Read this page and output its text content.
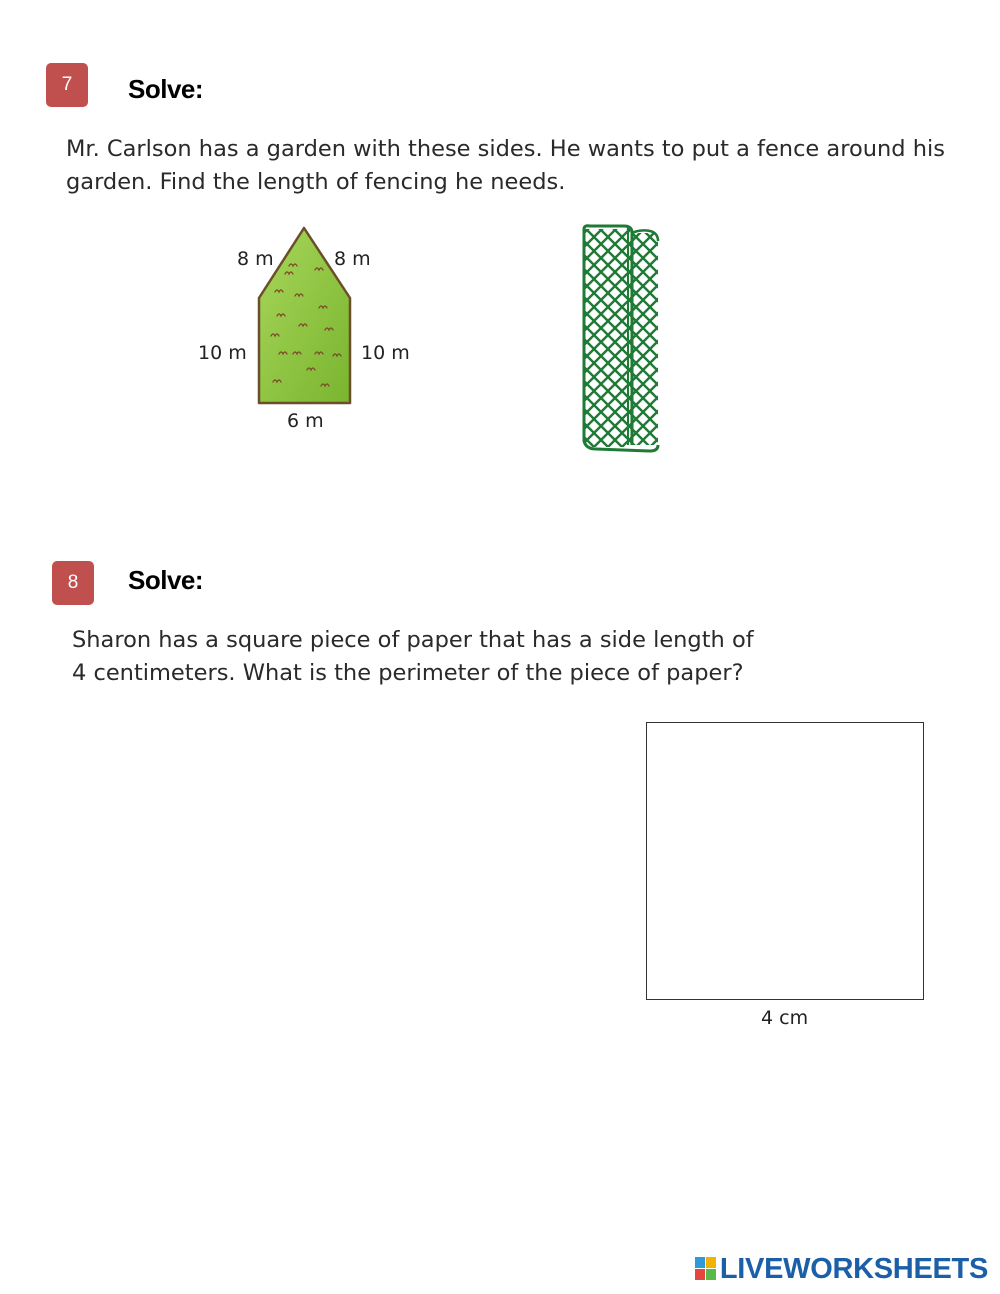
7	Solve:

Mr. Carlson has a garden with these sides. He wants to put a fence around his

garden. Find the length of fencing he needs.

8 m	8 m
10 m	10 m
6 m
8	Solve:

Sharon has a square piece of paper that has a side length of

4 centimeters. What is the perimeter of the piece of paper?

4 cm
LIVEWORKSHEETS
